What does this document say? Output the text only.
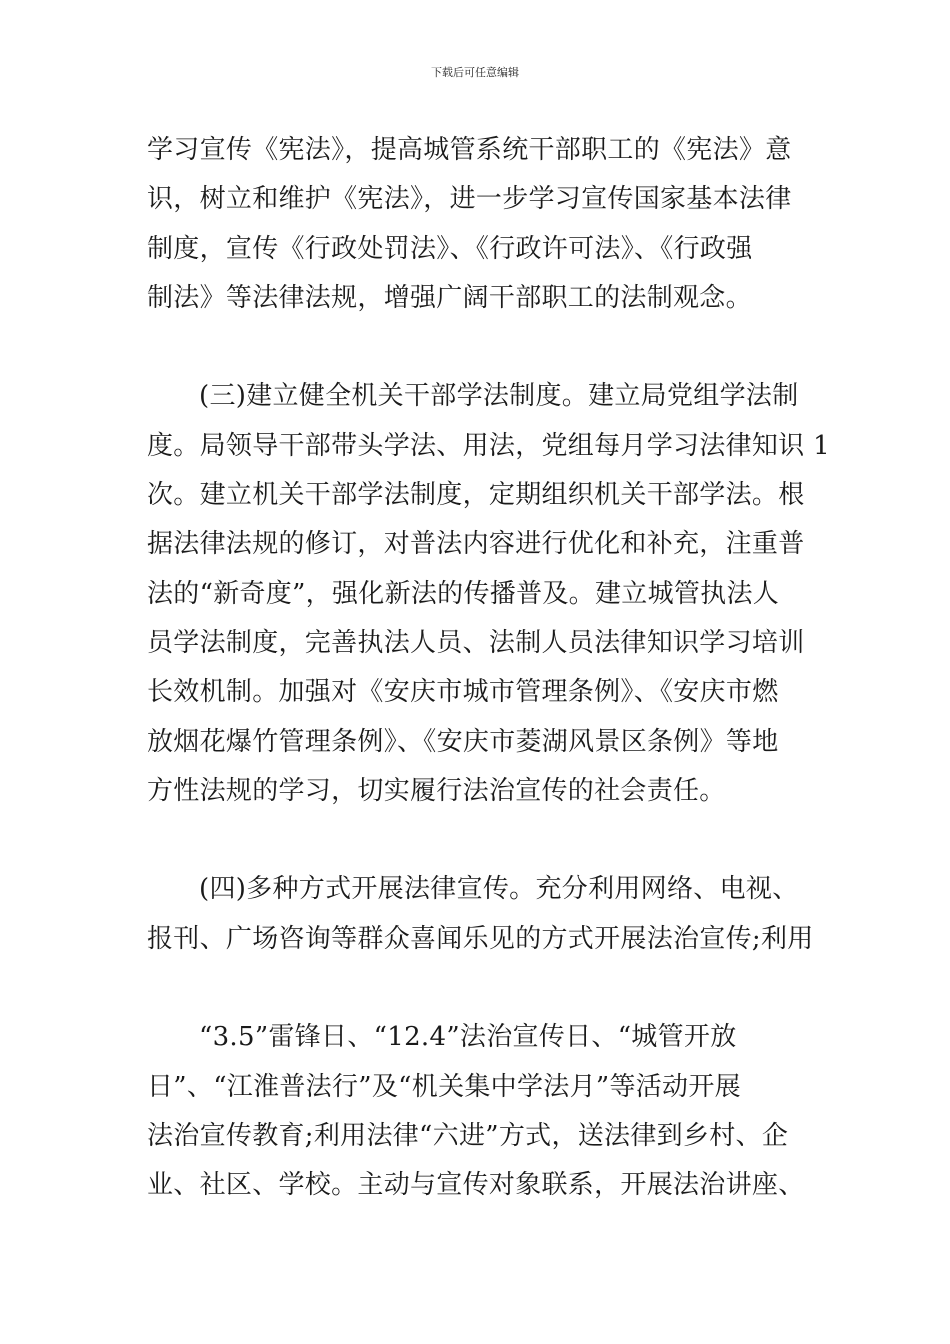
下载后可任意编辑
学习宣传《宪法》，提高城管系统干部职工的《宪法》意
识，树立和维护《宪法》，进一步学习宣传国家基本法律
制度，宣传《行政处罚法》、《行政许可法》、《行政强
制法》等法律法规，增强广阔干部职工的法制观念。
(三)建立健全机关干部学法制度。建立局党组学法制
度。局领导干部带头学法、用法，党组每月学习法律知识 1
次。建立机关干部学法制度，定期组织机关干部学法。根
据法律法规的修订，对普法内容进行优化和补充，注重普
法的“新奇度”，强化新法的传播普及。建立城管执法人
员学法制度，完善执法人员、法制人员法律知识学习培训
长效机制。加强对《安庆市城市管理条例》、《安庆市燃
放烟花爆竹管理条例》、《安庆市菱湖风景区条例》等地
方性法规的学习，切实履行法治宣传的社会责任。
(四)多种方式开展法律宣传。充分利用网络、电视、
报刊、广场咨询等群众喜闻乐见的方式开展法治宣传;利用
“3.5”雷锋日、“12.4”法治宣传日、“城管开放
日”、“江淮普法行”及“机关集中学法月”等活动开展
法治宣传教育;利用法律“六进”方式，送法律到乡村、企
业、社区、学校。主动与宣传对象联系，开展法治讲座、
